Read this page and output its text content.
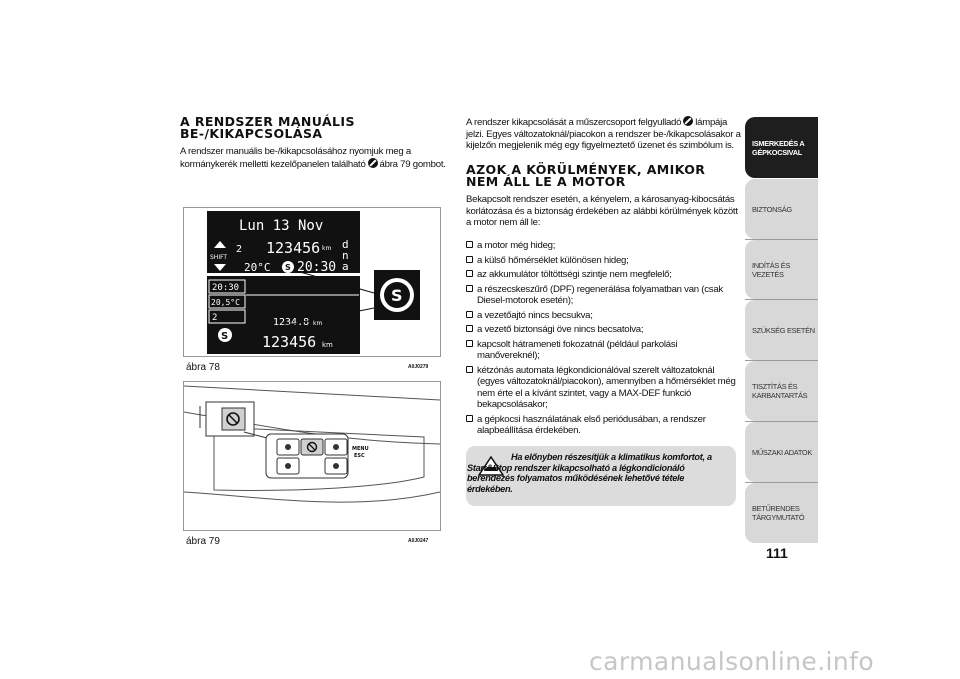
A RENDSZER MANUÁLIS
BE-/KIKAPCSOLÁSA
A rendszer manuális be-/kikapcsolásához nyomjuk meg a
kormánykerék melletti kezelőpanelen található ábra 79 gombot.
Lun 13 Nov
SHIFT
2 123456 km d
n
a
20°C S 20:30
20:30
20,5°C
2
S
1234.8 km
123456 km
S
ábra 78	A0J0279
MENU
ESC
ábra 79	A0J0247
A rendszer kikapcsolását a műszercsoport felgyulladó lámpája
jelzi. Egyes változatoknál/piacokon a rendszer be-/kikapcsolásakor a
kijelzőn megjelenik még egy figyelmeztető üzenet és szimbólum is.
AZOK A KÖRÜLMÉNYEK, AMIKOR
NEM ÁLL LE A MOTOR
Bekapcsolt rendszer esetén, a kényelem, a károsanyag-kibocsátás korlátozása és a biztonság érdekében az alábbi körülmények között a motor nem áll le:
a motor még hideg;
a külső hőmérséklet különösen hideg;
az akkumulátor töltöttségi szintje nem megfelelő;
a részecskeszűrő (DPF) regenerálása folyamatban van (csak Diesel-motorok esetén);
a vezetőajtó nincs becsukva;
a vezető biztonsági öve nincs becsatolva;
kapcsolt hátrameneti fokozatnál (például parkolási manővereknél);
kétzónás automata légkondicionálóval szerelt változatoknál (egyes változatoknál/piacokon), amennyiben a hőmérséklet még nem érte el a kívánt szintet, vagy a MAX-DEF funkció bekapcsolásakor;
a gépkocsi használatának első periódusában, a rendszer alapbeállítása érdekében.
Ha előnyben részesítjük a klimatikus komfortot, a Start&Stop rendszer kikapcsolható a légkondicionáló berendezés folyamatos működésének lehetővé tétele érdekében.
ISMERKEDÉS A GÉPKOCSIVAL
BIZTONSÁG
INDÍTÁS ÉS VEZETÉS
SZÜKSÉG ESETÉN
TISZTÍTÁS ÉS KARBANTARTÁS
MŰSZAKI ADATOK
BETŰRENDES TÁRGYMUTATÓ
111
carmanualsonline.info
